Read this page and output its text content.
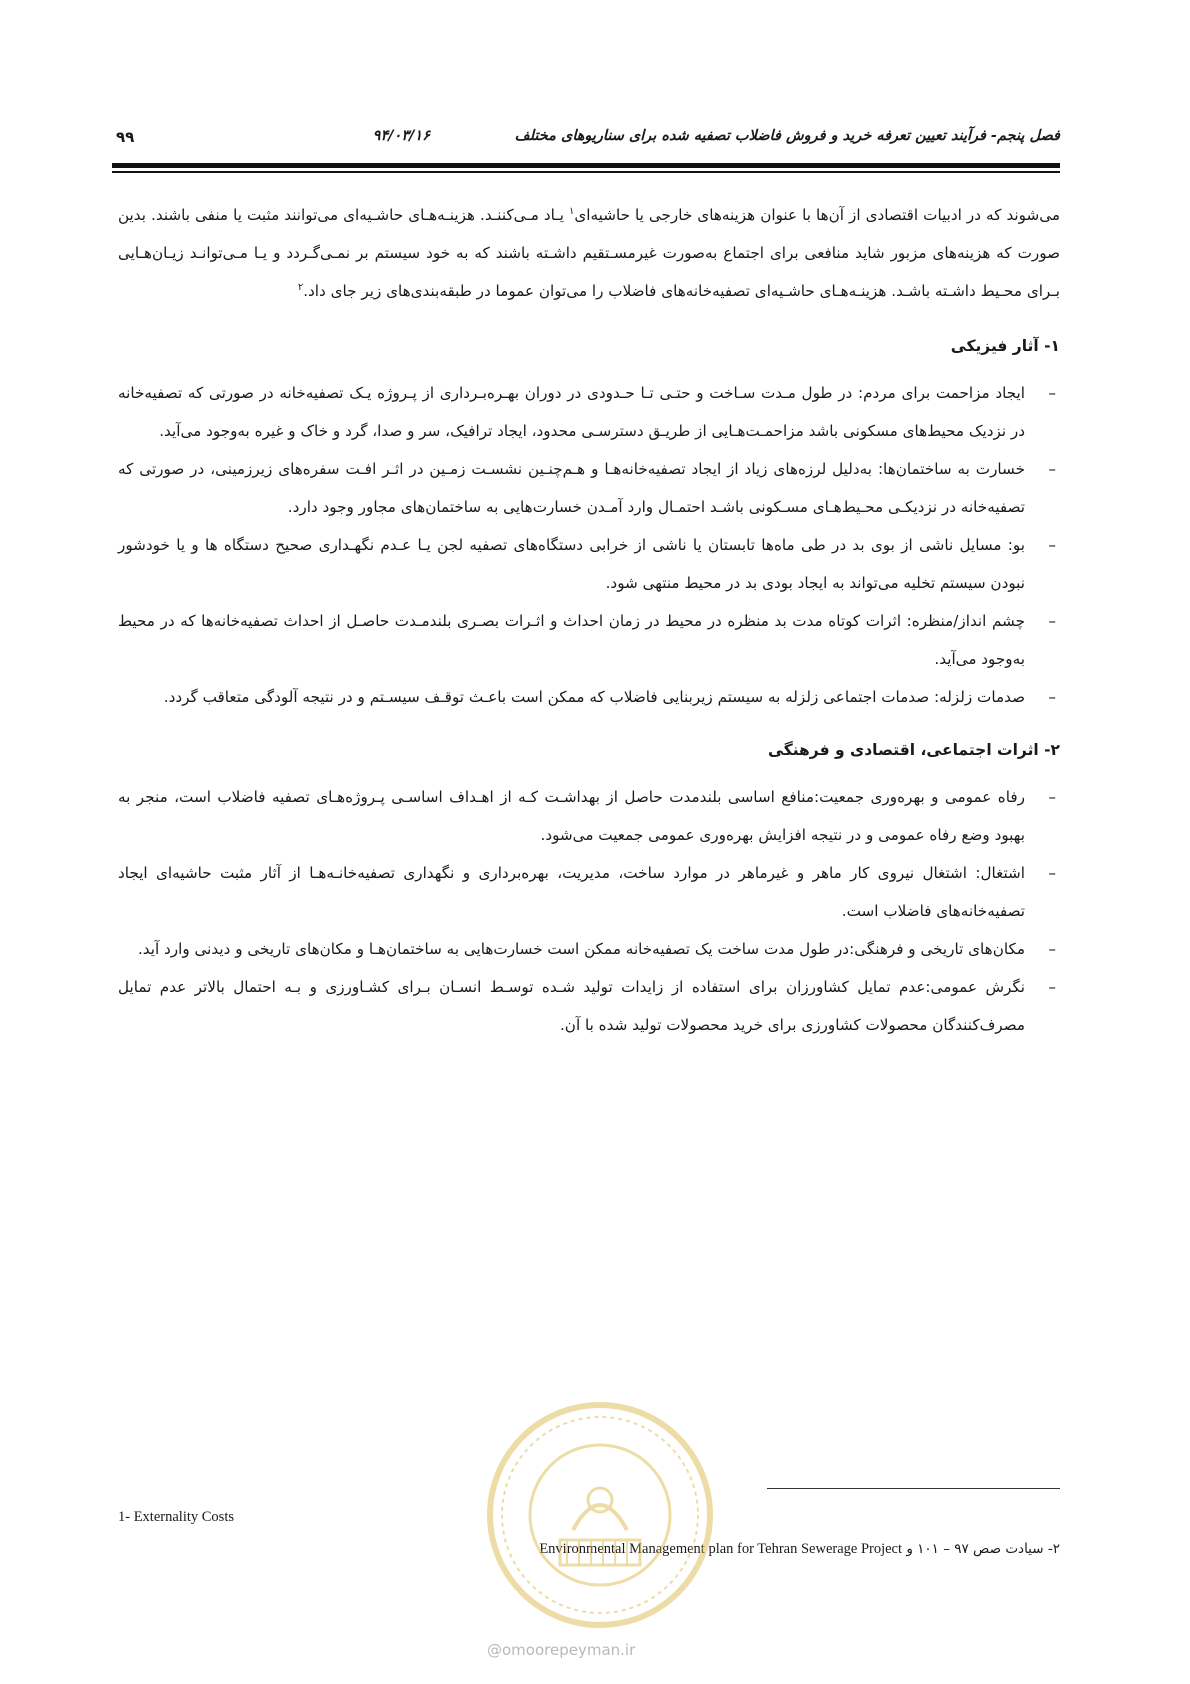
فصل پنجم- فرآیند تعیین تعرفه خرید و فروش فاضلاب تصفیه شده برای سناریوهای مختلف
۹۴/۰۳/۱۶
۹۹

می‌شوند که در ادبیات اقتصادی از آن‌ها با عنوان هزینه‌های خارجی یا حاشیه‌ای$^۱$ یـاد مـی‌کننـد. هزینـه‌هـای حاشـیه‌ای می‌توانند مثبت یا منفی باشند. بدین صورت که هزینه‌های مزبور شاید منافعی برای اجتماع به‌صورت غیرمسـتقیم داشـته باشند که به خود سیستم بر نمـی‌گـردد و یـا مـی‌توانـد زیـان‌هـایی بـرای محـیط داشـته باشـد. هزینـه‌هـای حاشـیه‌ای تصفیه‌خانه‌های فاضلاب را می‌توان عموما در طبقه‌بندی‌های زیر جای داد.$^۲$

۱- آثار فیزیکی
–
ایجاد مزاحمت برای مردم: در طول مـدت سـاخت و حتـی تـا حـدودی در دوران بهـره‌بـرداری از پـروژه یـک تصفیه‌خانه در صورتی که تصفیه‌خانه در نزدیک محیط‌های مسکونی باشد مزاحمـت‌هـایی از طریـق دسترسـی محدود، ایجاد ترافیک، سر و صدا، گرد و خاک و غیره به‌وجود می‌آید.
–
خسارت به ساختمان‌ها: به‌دلیل لرزه‌های زیاد از ایجاد تصفیه‌خانه‌هـا و هـم‌چنـین نشسـت زمـین در اثـر افـت سفره‌های زیرزمینی، در صورتی که تصفیه‌خانه در نزدیکـی محـیط‌هـای مسـکونی باشـد احتمـال وارد آمـدن خسارت‌هایی به ساختمان‌های مجاور وجود دارد.
–
بو: مسایل ناشی از بوی بد در طی ماه‌ها تابستان یا ناشی از خرابی دستگاه‌های تصفیه لجن یـا عـدم نگهـداری صحیح دستگاه ها و یا خودشور نبودن سیستم تخلیه می‌تواند به ایجاد بودی بد در محیط منتهی شود.
–
چشم انداز/منظره: اثرات کوتاه مدت بد منظره در محیط در زمان احداث و اثـرات بصـری بلندمـدت حاصـل از احداث تصفیه‌خانه‌ها که در محیط به‌وجود می‌آید.
–
صدمات زلزله: صدمات اجتماعی زلزله به سیستم زیربنایی فاضلاب که ممکن است باعـث توقـف سیسـتم و در نتیجه آلودگی متعاقب گردد.
۲- اثرات اجتماعی، اقتصادی و فرهنگی
–
رفاه عمومی و بهره‌وری جمعیت:منافع اساسی بلندمدت حاصل از بهداشـت کـه از اهـداف اساسـی پـروژه‌هـای تصفیه فاضلاب است، منجر به بهبود وضع رفاه عمومی و در نتیجه افزایش بهره‌وری عمومی جمعیت می‌شود.
–
اشتغال: اشتغال نیروی کار ماهر و غیرماهر در موارد ساخت، مدیریت، بهره‌برداری و نگهداری تصفیه‌خانـه‌هـا از آثار مثبت حاشیه‌ای ایجاد تصفیه‌خانه‌های فاضلاب است.
–
مکان‌های تاریخی و فرهنگی:در طول مدت ساخت یک تصفیه‌خانه ممکن است خسارت‌هایی به ساختمان‌هـا و مکان‌های تاریخی و دیدنی وارد آید.
–
نگرش عمومی:عدم تمایل کشاورزان برای استفاده از زایدات تولید شـده توسـط انسـان بـرای کشـاورزی و بـه احتمال بالاتر عدم تمایل مصرف‌کنندگان محصولات کشاورزی برای خرید محصولات تولید شده با آن.
1- Externality Costs
۲- سیادت صص ۹۷ – ۱۰۱ و Environmental Management plan for Tehran Sewerage Project
@omoorepeyman.ir
